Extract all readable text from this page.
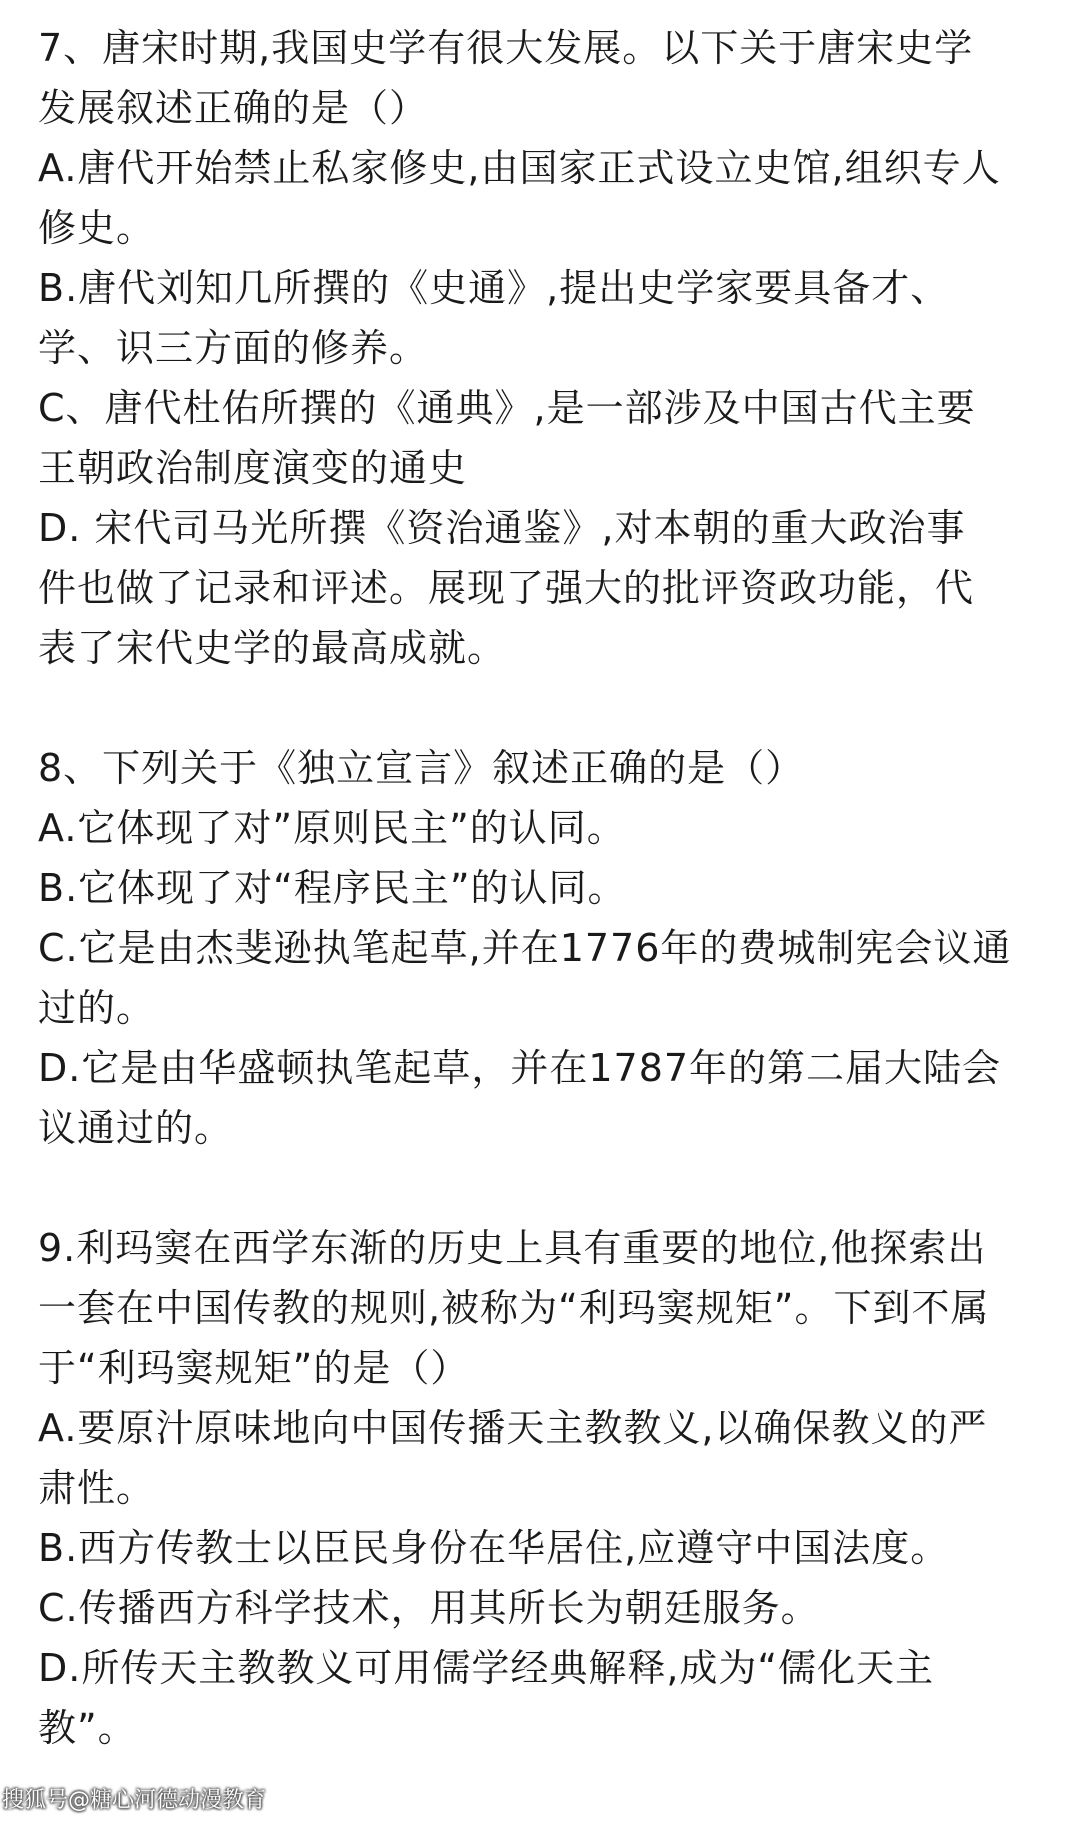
7、唐宋时期,我国史学有很大发展。以下关于唐宋史学

发展叙述正确的是（）

A.唐代开始禁止私家修史,由国家正式设立史馆,组织专人

修史。

B.唐代刘知几所撰的《史通》,提出史学家要具备才、

学、识三方面的修养。

C、唐代杜佑所撰的《通典》,是一部涉及中国古代主要

王朝政治制度演变的通史

D. 宋代司马光所撰《资治通鉴》,对本朝的重大政治事

件也做了记录和评述。展现了强大的批评资政功能，代

表了宋代史学的最高成就。

8、下列关于《独立宣言》叙述正确的是（）

A.它体现了对”原则民主”的认同。

B.它体现了对“程序民主”的认同。

C.它是由杰斐逊执笔起草,并在1776年的费城制宪会议通

过的。

D.它是由华盛顿执笔起草，并在1787年的第二届大陆会

议通过的。

9.利玛窦在西学东渐的历史上具有重要的地位,他探索出

一套在中国传教的规则,被称为“利玛窦规矩”。下到不属

于“利玛窦规矩”的是（）

A.要原汁原味地向中国传播天主教教义,以确保教义的严

肃性。

B.西方传教士以臣民身份在华居住,应遵守中国法度。

C.传播西方科学技术，用其所长为朝廷服务。

D.所传天主教教义可用儒学经典解释,成为“儒化天主

教”。

搜狐号@糖心河德动漫教育
